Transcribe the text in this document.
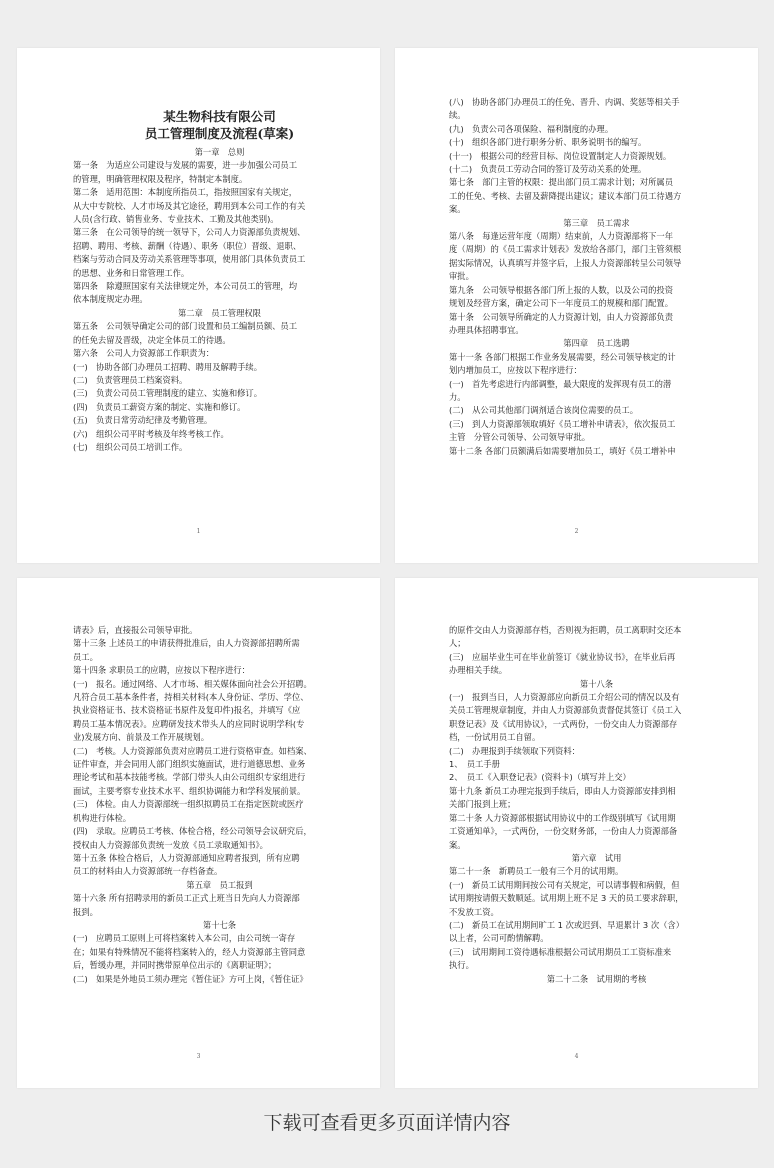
某生物科技有限公司
员工管理制度及流程(草案)
第一章　总则
第一条　为适应公司建设与发展的需要，进一步加强公司员工
的管理，明确管理权限及程序，特制定本制度。
第二条　适用范围：本制度所指员工，指按照国家有关规定，
从大中专院校、人才市场及其它途径，聘用到本公司工作的有关
人员(含行政、销售业务、专业技术、工勤及其他类别)。
第三条　在公司领导的统一领导下，公司人力资源部负责规划、
招聘、聘用、考核、薪酬（待遇）、职务（职位）晋级、退职、
档案与劳动合同及劳动关系管理等事项，使用部门具体负责员工
的思想、业务和日常管理工作。
第四条　除遵照国家有关法律规定外，本公司员工的管理，均
依本制度规定办理。
第二章　员工管理权限
第五条　公司领导确定公司的部门设置和员工编制员额、员工
的任免去留及晋级，决定全体员工的待遇。
第六条　公司人力资源部工作职责为：
(一)　协助各部门办理员工招聘、聘用及解聘手续。
(二)　负责管理员工档案资料。
(三)　负责公司员工管理制度的建立、实施和修订。
(四)　负责员工薪资方案的制定、实施和修订。
(五)　负责日常劳动纪律及考勤管理。
(六)　组织公司平时考核及年终考核工作。
(七)　组织公司员工培训工作。
1
(八)　协助各部门办理员工的任免、晋升、内调、奖惩等相关手
续。
(九)　负责公司各项保险、福利制度的办理。
(十)　组织各部门进行职务分析、职务说明书的编写。
(十一)　根据公司的经营目标、岗位设置制定人力资源规划。
(十二)　负责员工劳动合同的签订及劳动关系的处理。
第七条　部门主管的权限：提出部门员工需求计划；对所属员
工的任免、考核、去留及薪降提出建议；建议本部门员工待遇方
案。
第三章　员工需求
第八条　每逢运营年度（周期）结束前，人力资源部将下一年
度（周期）的《员工需求计划表》发放给各部门，部门主管须根
据实际情况，认真填写并签字后，上报人力资源部转呈公司领导
审批。
第九条　公司领导根据各部门所上报的人数，以及公司的投资
规划及经营方案，确定公司下一年度员工的规模和部门配置。
第十条　公司领导所确定的人力资源计划，由人力资源部负责
办理具体招聘事宜。
第四章　员工选聘
第十一条 各部门根据工作业务发展需要，经公司领导核定的计
划内增加员工，应按以下程序进行：
(一)　首先考虑进行内部调整，最大限度的发挥现有员工的潜
力。
(二)　从公司其他部门调剂适合该岗位需要的员工。
(三)　到人力资源部领取填好《员工增补申请表》，依次报员工
主管　分管公司领导、公司领导审批。
第十二条 各部门员额满后如需要增加员工，填好《员工增补申
2
请表》后，直接报公司领导审批。
第十三条 上述员工的申请获得批准后，由人力资源部招聘所需
员工。
第十四条 求职员工的应聘，应按以下程序进行：
(一)　报名。通过网络、人才市场、相关媒体面向社会公开招聘。
凡符合员工基本条件者，持相关材料(本人身份证、学历、学位、
执业资格证书、技术资格证书原件及复印件)报名，并填写《应
聘员工基本情况表》。应聘研发技术带头人的应同时说明学科(专
业)发展方向、前景及工作开展规划。
(二)　考核。人力资源部负责对应聘员工进行资格审查。如档案、
证件审查，并会同用人部门组织实施面试，进行道德思想、业务
理论考试和基本技能考核。学部门带头人由公司组织专家组进行
面试，主要考察专业技术水平、组织协调能力和学科发展前景。
(三)　体检。由人力资源部统一组织拟聘员工在指定医院或医疗
机构进行体检。
(四)　录取。应聘员工考核、体检合格，经公司领导会议研究后，
授权由人力资源部负责统一发放《员工录取通知书》。
第十五条 体检合格后，人力资源部通知应聘者报到，所有应聘
员工的材料由人力资源部统一存档备查。
第五章　员工报到
第十六条 所有招聘录用的新员工正式上班当日先向人力资源部
报到。
第十七条
(一)　应聘员工原则上可将档案转入本公司，由公司统一寄存
在；如果有特殊情况不能将档案转入的，经人力资源部主管同意
后，暂缓办理，并同时携带原单位出示的《离职证明》；
(二)　如果是外地员工须办理完《暂住证》方可上岗，《暂住证》
3
的原件交由人力资源部存档，否则视为拒聘，员工离职时交还本
人；
(三)　应届毕业生可在毕业前签订《就业协议书》，在毕业后再
办理相关手续。
第十八条
(一)　报到当日，人力资源部应向新员工介绍公司的情况以及有
关员工管理规章制度，并由人力资源部负责督促其签订《员工入
职登记表》及《试用协议》，一式两份，一份交由人力资源部存
档，一份试用员工自留。
(二)　办理报到手续领取下列资料：
1、　员工手册
2、　员工《入职登记表》(资料卡)（填写并上交）
第十九条 新员工办理完报到手续后，即由人力资源部安排到相
关部门报到上班；
第二十条 人力资源部根据试用协议中的工作级别填写《试用期
工资通知单》，一式两份，一份交财务部，一份由人力资源部备
案。
第六章　试用
第二十一条　新聘员工一般有三个月的试用期。
(一)　新员工试用期间按公司有关规定，可以请事假和病假，但
试用期按请假天数顺延。试用期上班不足 3 天的员工要求辞职，
不发放工资。
(二)　新员工在试用期间旷工 1 次或迟到、早退累计 3 次（含）
以上者，公司可酌情解聘。
(三)　试用期间工资待遇标准根据公司试用期员工工资标准来
执行。
第二十二条　试用期的考核
4
下载可查看更多页面详情内容
